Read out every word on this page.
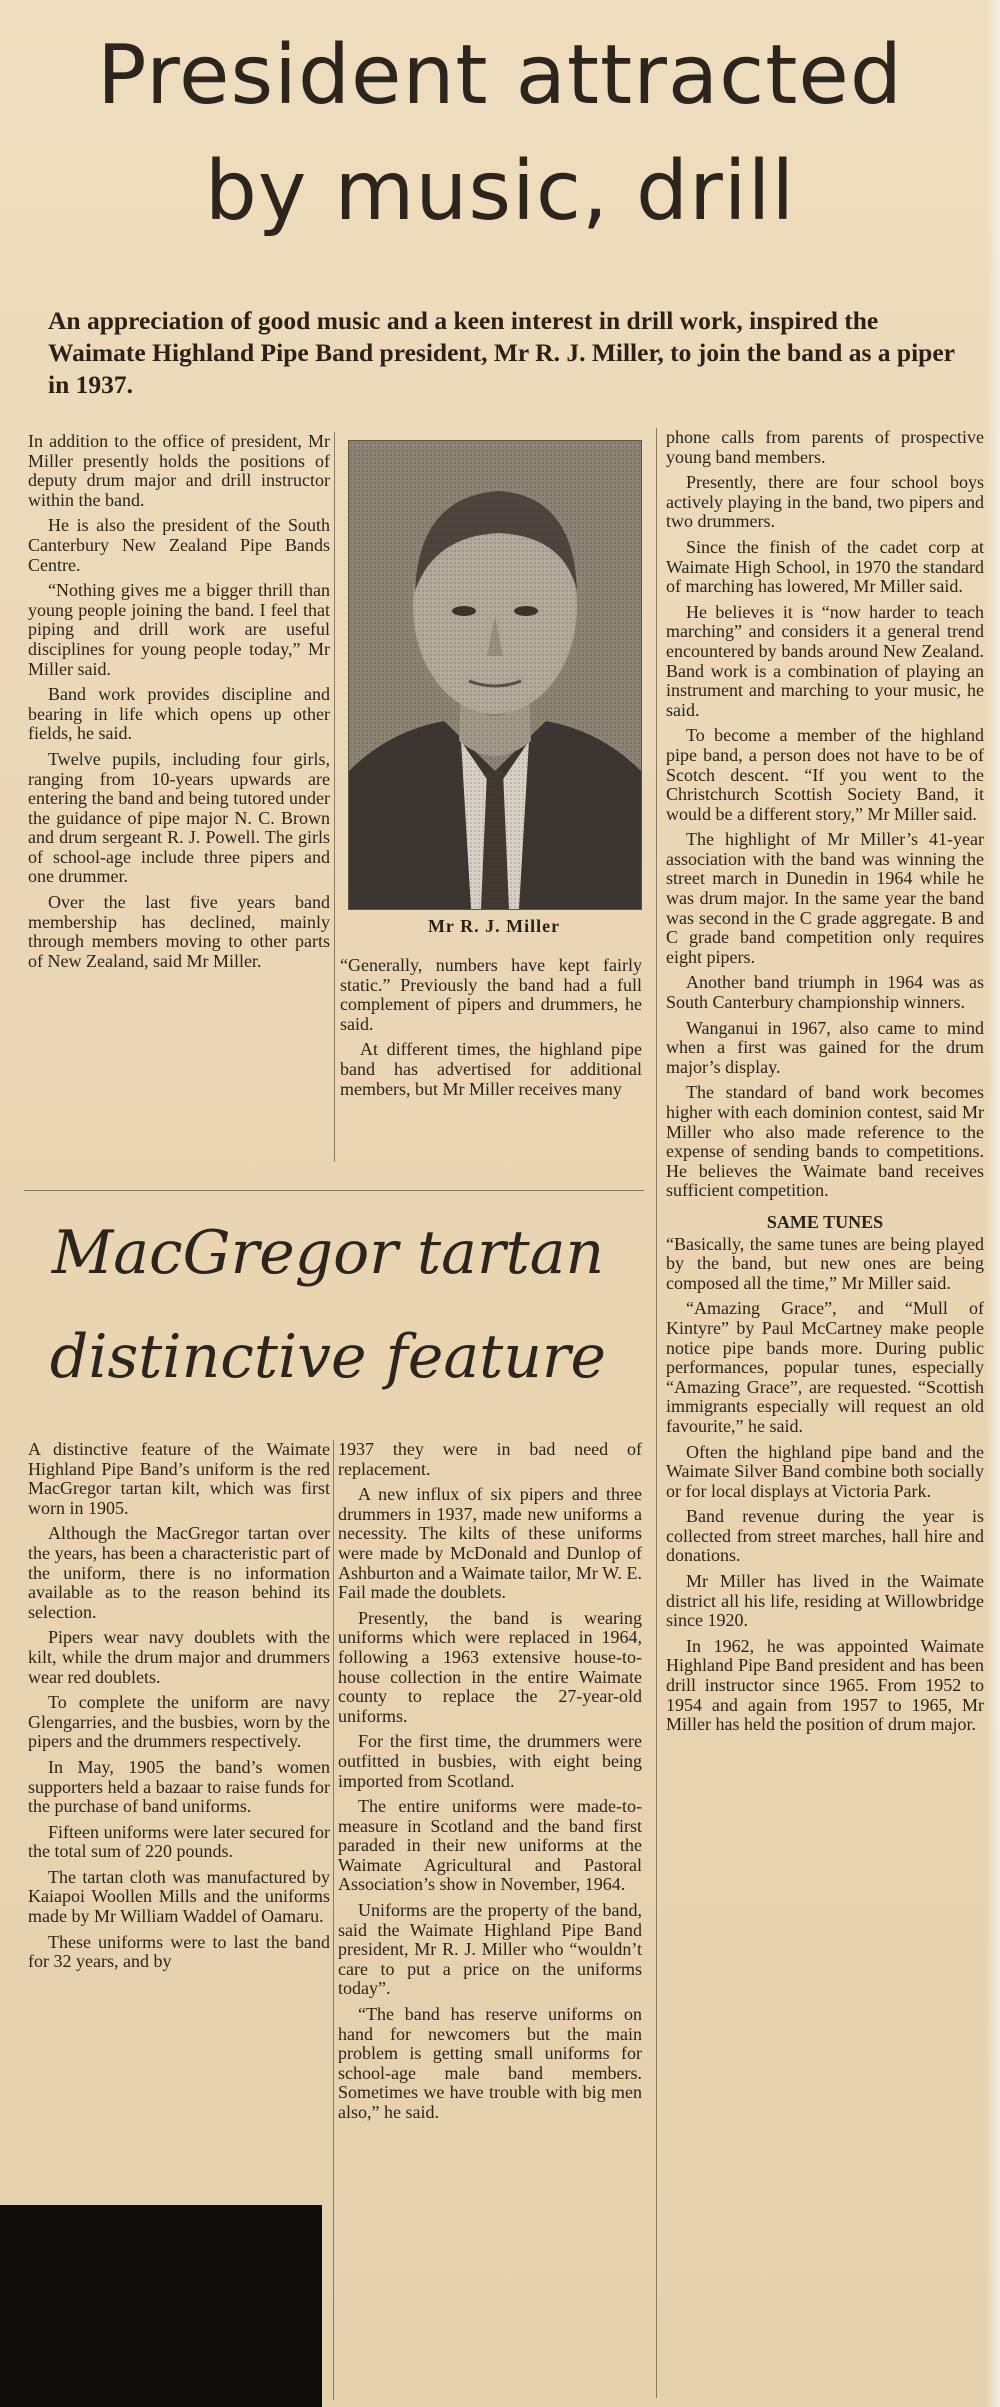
President attracted
by music, drill
An appreciation of good music and a keen interest in drill work, inspired the Waimate Highland Pipe Band president, Mr R. J. Miller, to join the band as a piper in 1937.

In addition to the office of president, Mr Miller presently holds the positions of deputy drum major and drill instructor within the band.

He is also the president of the South Canterbury New Zealand Pipe Bands Centre.

“Nothing gives me a bigger thrill than young people joining the band. I feel that piping and drill work are useful disciplines for young people today,” Mr Miller said.

Band work provides discipline and bearing in life which opens up other fields, he said.

Twelve pupils, including four girls, ranging from 10-years upwards are entering the band and being tutored under the guidance of pipe major N. C. Brown and drum sergeant R. J. Powell. The girls of school-age include three pipers and one drummer.

Over the last five years band membership has declined, mainly through members moving to other parts of New Zealand, said Mr Miller.

Mr R. J. Miller

“Generally, numbers have kept fairly static.” Previously the band had a full complement of pipers and drummers, he said.

At different times, the highland pipe band has advertised for additional members, but Mr Miller receives many

phone calls from parents of prospective young band members.

Presently, there are four school boys actively playing in the band, two pipers and two drummers.

Since the finish of the cadet corp at Waimate High School, in 1970 the standard of marching has lowered, Mr Miller said.

He believes it is “now harder to teach marching” and considers it a general trend encountered by bands around New Zealand. Band work is a combination of playing an instrument and marching to your music, he said.

To become a member of the highland pipe band, a person does not have to be of Scotch descent. “If you went to the Christchurch Scottish Society Band, it would be a different story,” Mr Miller said.

The highlight of Mr Miller’s 41-year association with the band was winning the street march in Dunedin in 1964 while he was drum major. In the same year the band was second in the C grade aggregate. B and C grade band competition only requires eight pipers.

Another band triumph in 1964 was as South Canterbury championship winners.

Wanganui in 1967, also came to mind when a first was gained for the drum major’s display.

The standard of band work becomes higher with each dominion contest, said Mr Miller who also made reference to the expense of sending bands to competitions. He believes the Waimate band receives sufficient competition.

SAME TUNES

“Basically, the same tunes are being played by the band, but new ones are being composed all the time,” Mr Miller said.

“Amazing Grace”, and “Mull of Kintyre” by Paul McCartney make people notice pipe bands more. During public performances, popular tunes, especially “Amazing Grace”, are requested. “Scottish immigrants especially will request an old favourite,” he said.

Often the highland pipe band and the Waimate Silver Band combine both socially or for local displays at Victoria Park.

Band revenue during the year is collected from street marches, hall hire and donations.

Mr Miller has lived in the Waimate district all his life, residing at Willowbridge since 1920.

In 1962, he was appointed Waimate Highland Pipe Band president and has been drill instructor since 1965. From 1952 to 1954 and again from 1957 to 1965, Mr Miller has held the position of drum major.

MacGregor tartan
distinctive feature

A distinctive feature of the Waimate Highland Pipe Band’s uniform is the red MacGregor tartan kilt, which was first worn in 1905.

Although the MacGregor tartan over the years, has been a characteristic part of the uniform, there is no information available as to the reason behind its selection.

Pipers wear navy doublets with the kilt, while the drum major and drummers wear red doublets.

To complete the uniform are navy Glengarries, and the busbies, worn by the pipers and the drummers respectively.

In May, 1905 the band’s women supporters held a bazaar to raise funds for the purchase of band uniforms.

Fifteen uniforms were later secured for the total sum of 220 pounds.

The tartan cloth was manufactured by Kaiapoi Woollen Mills and the uniforms made by Mr William Waddel of Oamaru.

These uniforms were to last the band for 32 years, and by

1937 they were in bad need of replacement.

A new influx of six pipers and three drummers in 1937, made new uniforms a necessity. The kilts of these uniforms were made by McDonald and Dunlop of Ashburton and a Waimate tailor, Mr W. E. Fail made the doublets.

Presently, the band is wearing uniforms which were replaced in 1964, following a 1963 extensive house-to-house collection in the entire Waimate county to replace the 27-year-old uniforms.

For the first time, the drummers were outfitted in busbies, with eight being imported from Scotland.

The entire uniforms were made-to-measure in Scotland and the band first paraded in their new uniforms at the Waimate Agricultural and Pastoral Association’s show in November, 1964.

Uniforms are the property of the band, said the Waimate Highland Pipe Band president, Mr R. J. Miller who “wouldn’t care to put a price on the uniforms today”.

“The band has reserve uniforms on hand for newcomers but the main problem is getting small uniforms for school-age male band members. Sometimes we have trouble with big men also,” he said.
